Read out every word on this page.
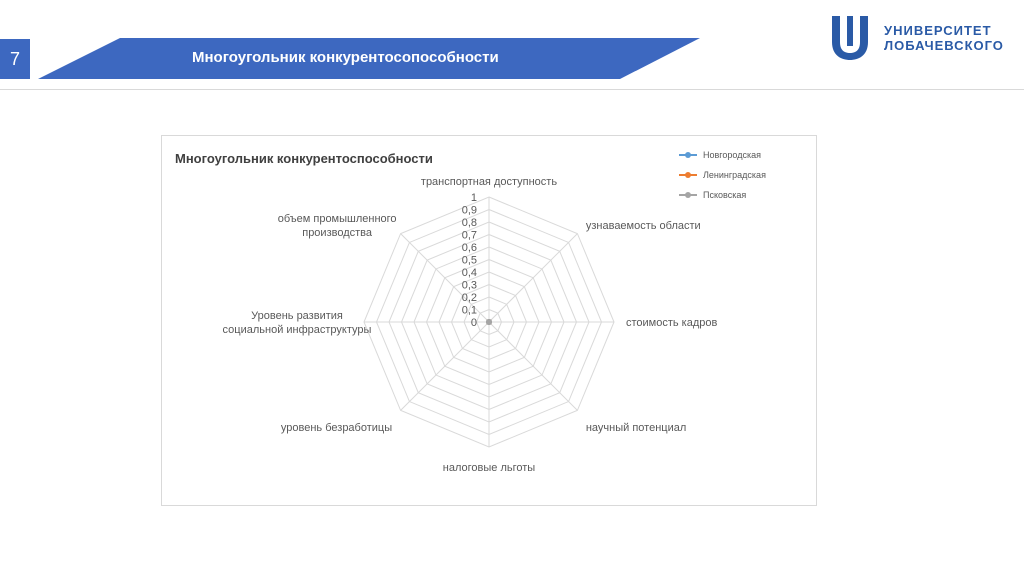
7	Многоугольник конкурентосопособности
УНИВЕРСИТЕТ
ЛОБАЧЕВСКОГО
Многоугольник конкурентоспособности	Новгородская
Ленинградская
Псковская
0
0,1
0,2
0,3
0,4
0,5
0,6
0,7
0,8
0,9
1
транспортная доступность
узнаваемость области
стоимость кадров
научный потенциал
налоговые льготы
уровень безработицы
Уровень развития
социальной инфраструктуры
объем промышленного
производства
